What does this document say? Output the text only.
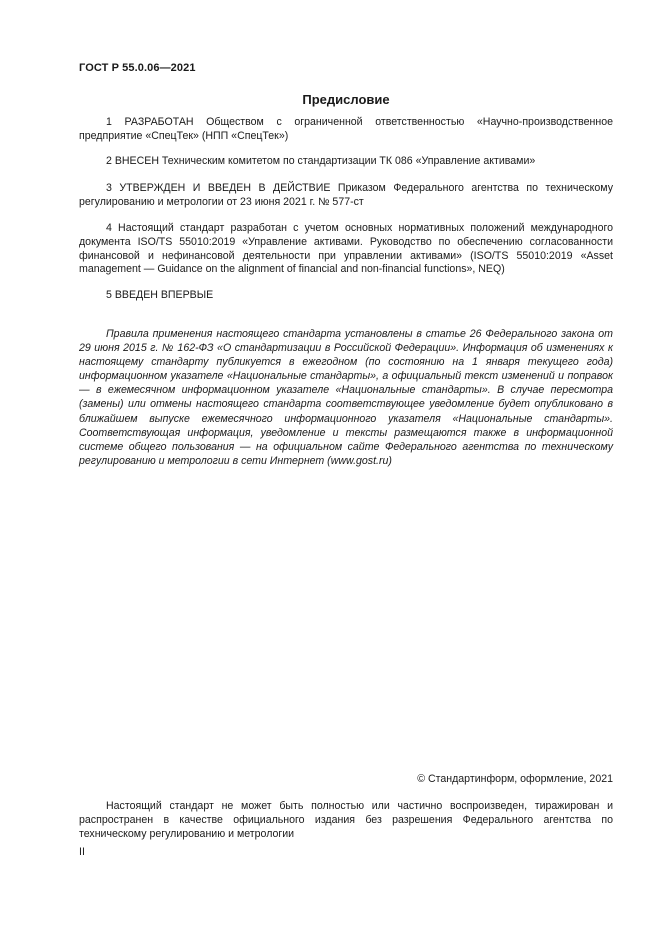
ГОСТ Р 55.0.06—2021
Предисловие

1 РАЗРАБОТАН Обществом с ограниченной ответственностью «Научно-производственное предприятие «СпецТек» (НПП «СпецТек»)

2 ВНЕСЕН Техническим комитетом по стандартизации ТК 086 «Управление активами»

3 УТВЕРЖДЕН И ВВЕДЕН В ДЕЙСТВИЕ Приказом Федерального агентства по техническому регулированию и метрологии от 23 июня 2021 г. № 577-ст

4 Настоящий стандарт разработан с учетом основных нормативных положений международного документа ISO/TS 55010:2019 «Управление активами. Руководство по обеспечению согласованности финансовой и нефинансовой деятельности при управлении активами» (ISO/TS 55010:2019 «Asset management — Guidance on the alignment of financial and non-financial functions», NEQ)

5 ВВЕДЕН ВПЕРВЫЕ

Правила применения настоящего стандарта установлены в статье 26 Федерального закона от 29 июня 2015 г. № 162-ФЗ «О стандартизации в Российской Федерации». Информация об изменениях к настоящему стандарту публикуется в ежегодном (по состоянию на 1 января текущего года) информационном указателе «Национальные стандарты», а официальный текст изменений и поправок — в ежемесячном информационном указателе «Национальные стандарты». В случае пересмотра (замены) или отмены настоящего стандарта соответствующее уведомление будет опубликовано в ближайшем выпуске ежемесячного информационного указателя «Национальные стандарты». Соответствующая информация, уведомление и тексты размещаются также в информационной системе общего пользования — на официальном сайте Федерального агентства по техническому регулированию и метрологии в сети Интернет (www.gost.ru)

© Стандартинформ, оформление, 2021

Настоящий стандарт не может быть полностью или частично воспроизведен, тиражирован и распространен в качестве официального издания без разрешения Федерального агентства по техническому регулированию и метрологии

II
